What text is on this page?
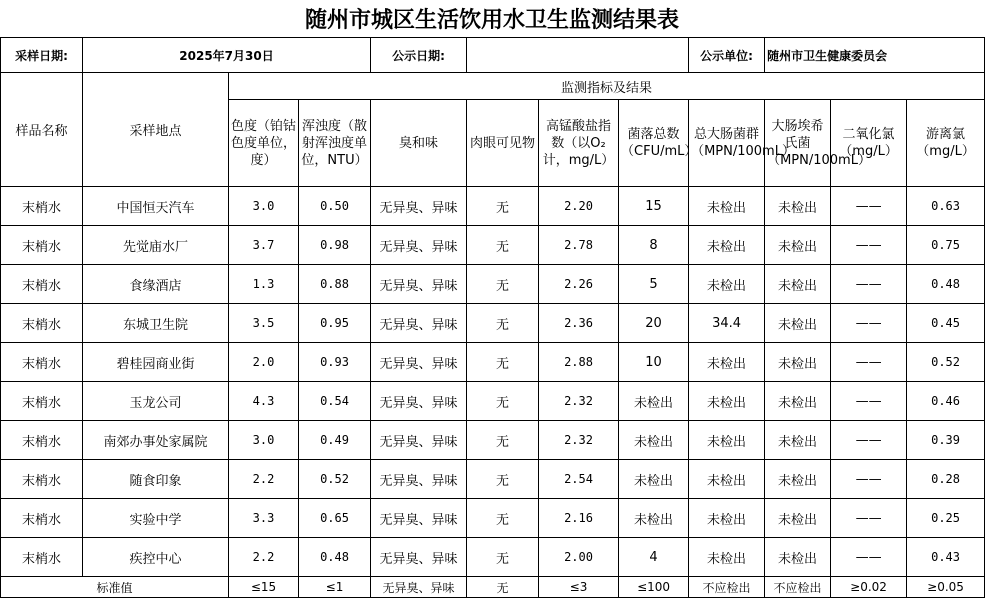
随州市城区生活饮用水卫生监测结果表
采样日期:	2025年7月30日			公示日期:				公示单位:	随州市卫生健康委员会		
样品名称	采样地点	监测指标及结果									
		色度（铂钴色度单位，度）	浑浊度（散射浑浊度单位，NTU）	臭和味	肉眼可见物	高锰酸盐指数（以O₂计，mg/L）	菌落总数（CFU/mL）	总大肠菌群（MPN/100mL）	大肠埃希氏菌（MPN/100mL）	二氧化氯（mg/L）	游离氯（mg/L）
末梢水	中国恒天汽车	3.0	0.50	无异臭、异味	无	2.20	15	未检出	未检出	——	0.63
末梢水	先觉庙水厂	3.7	0.98	无异臭、异味	无	2.78	8	未检出	未检出	——	0.75
末梢水	食缘酒店	1.3	0.88	无异臭、异味	无	2.26	5	未检出	未检出	——	0.48
末梢水	东城卫生院	3.5	0.95	无异臭、异味	无	2.36	20	34.4	未检出	——	0.45
末梢水	碧桂园商业街	2.0	0.93	无异臭、异味	无	2.88	10	未检出	未检出	——	0.52
末梢水	玉龙公司	4.3	0.54	无异臭、异味	无	2.32	未检出	未检出	未检出	——	0.46
末梢水	南郊办事处家属院	3.0	0.49	无异臭、异味	无	2.32	未检出	未检出	未检出	——	0.39
末梢水	随食印象	2.2	0.52	无异臭、异味	无	2.54	未检出	未检出	未检出	——	0.28
末梢水	实验中学	3.3	0.65	无异臭、异味	无	2.16	未检出	未检出	未检出	——	0.25
末梢水	疾控中心	2.2	0.48	无异臭、异味	无	2.00	4	未检出	未检出	——	0.43
标准值		≤15	≤1	无异臭、异味	无	≤3	≤100	不应检出	不应检出	≥0.02	≥0.05
